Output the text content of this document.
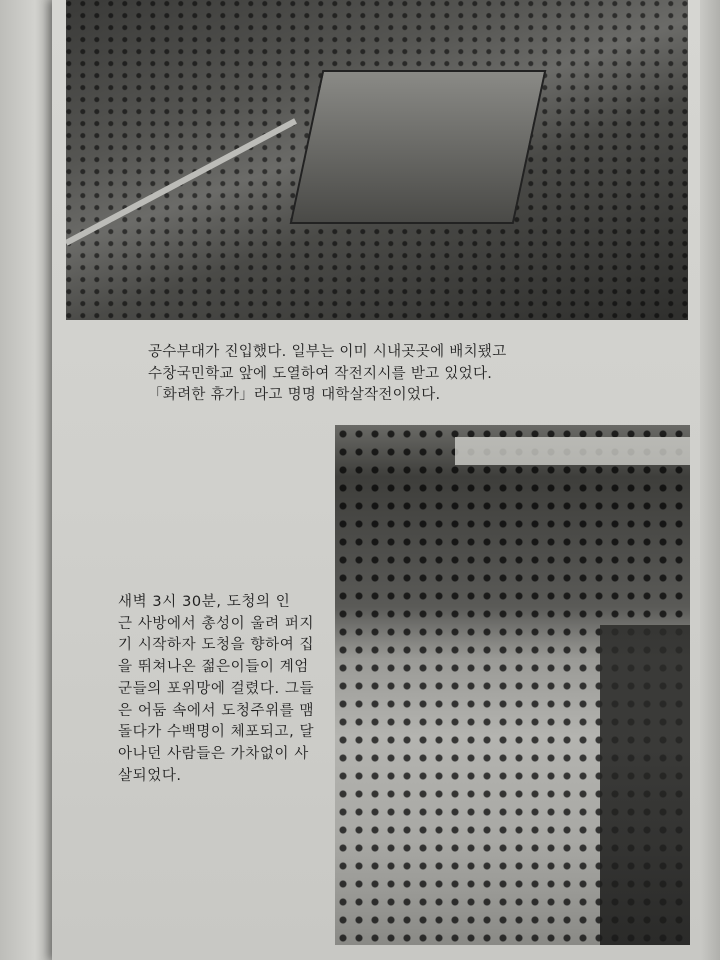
공수부대가 진입했다. 일부는 이미 시내곳곳에 배치됐고
수창국민학교 앞에 도열하여 작전지시를 받고 있었다.
「화려한 휴가」라고 명명 대학살작전이었다.
새벽 3시 30분, 도청의 인
근 사방에서 총성이 울려 퍼지
기 시작하자 도청을 향하여 집
을 뛰쳐나온 젊은이들이 계엄
군들의 포위망에 걸렸다. 그들
은 어둠 속에서 도청주위를 맴
돌다가 수백명이 체포되고, 달
아나던 사람들은 가차없이 사
살되었다.
